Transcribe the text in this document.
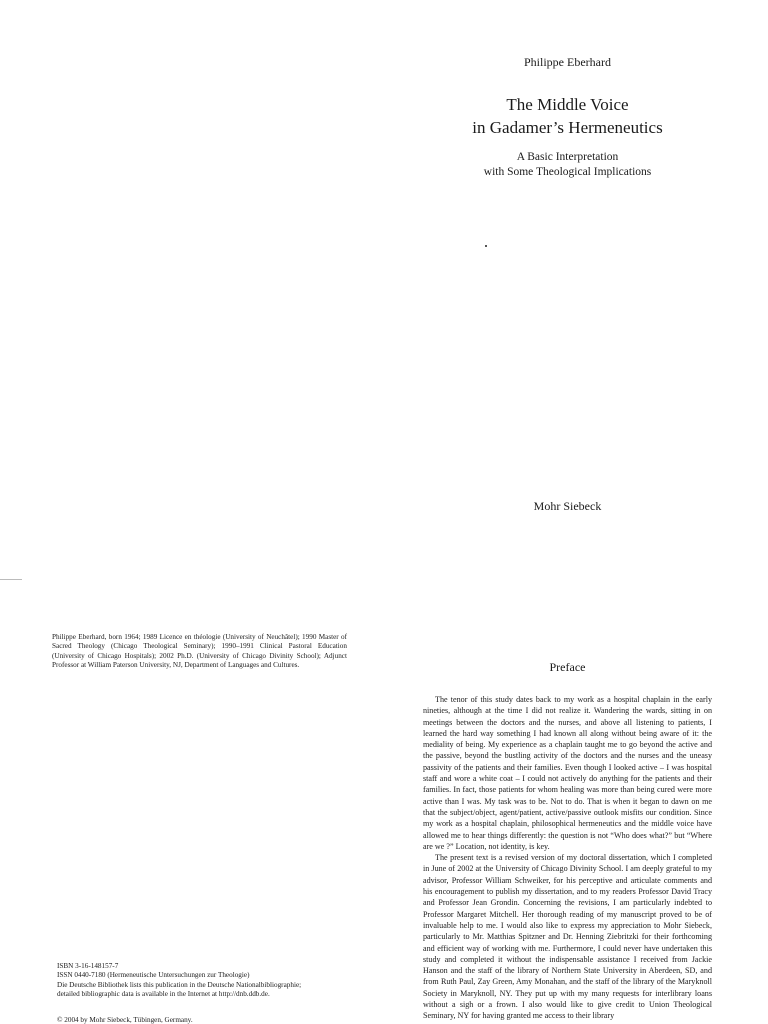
Philippe Eberhard
The Middle Voice
in Gadamer’s Hermeneutics
A Basic Interpretation
with Some Theological Implications
Mohr Siebeck
Philippe Eberhard, born 1964; 1989 Licence en théologie (University of Neuchâtel); 1990 Master of Sacred Theology (Chicago Theological Seminary); 1990–1991 Clinical Pastoral Education (University of Chicago Hospitals); 2002 Ph.D. (University of Chicago Divinity School); Adjunct Professor at William Paterson University, NJ, Department of Languages and Cultures.
ISBN 3-16-148157-7
ISSN 0440-7180 (Hermeneutische Untersuchungen zur Theologie)
Die Deutsche Bibliothek lists this publication in the Deutsche Nationalbibliographie;
detailed bibliographic data is available in the Internet at http://dnb.ddb.de.
© 2004 by Mohr Siebeck, Tübingen, Germany.
Preface

The tenor of this study dates back to my work as a hospital chaplain in the early nineties, although at the time I did not realize it. Wandering the wards, sitting in on meetings between the doctors and the nurses, and above all listening to patients, I learned the hard way something I had known all along without being aware of it: the mediality of being. My experience as a chaplain taught me to go beyond the active and the passive, beyond the bustling activity of the doctors and the nurses and the uneasy passivity of the patients and their families. Even though I looked active – I was hospital staff and wore a white coat – I could not actively do anything for the patients and their families. In fact, those patients for whom healing was more than being cured were more active than I was. My task was to be. Not to do. That is when it began to dawn on me that the subject/object, agent/patient, active/passive outlook misfits our condition. Since my work as a hospital chaplain, philosophical hermeneutics and the middle voice have allowed me to hear things differently: the question is not “Who does what?” but “Where are we ?” Location, not identity, is key.

The present text is a revised version of my doctoral dissertation, which I completed in June of 2002 at the University of Chicago Divinity School. I am deeply grateful to my advisor, Professor William Schweiker, for his perceptive and articulate comments and his encouragement to publish my dissertation, and to my readers Professor David Tracy and Professor Jean Grondin. Concerning the revisions, I am particularly indebted to Professor Margaret Mitchell. Her thorough reading of my manuscript proved to be of invaluable help to me. I would also like to express my appreciation to Mohr Siebeck, particularly to Mr. Matthias Spitzner and Dr. Henning Ziebritzki for their forthcoming and efficient way of working with me. Furthermore, I could never have undertaken this study and completed it without the indispensable assistance I received from Jackie Hanson and the staff of the library of Northern State University in Aberdeen, SD, and from Ruth Paul, Zay Green, Amy Monahan, and the staff of the library of the Maryknoll Society in Maryknoll, NY. They put up with my many requests for interlibrary loans without a sigh or a frown. I also would like to give credit to Union Theological Seminary, NY for having granted me access to their library
